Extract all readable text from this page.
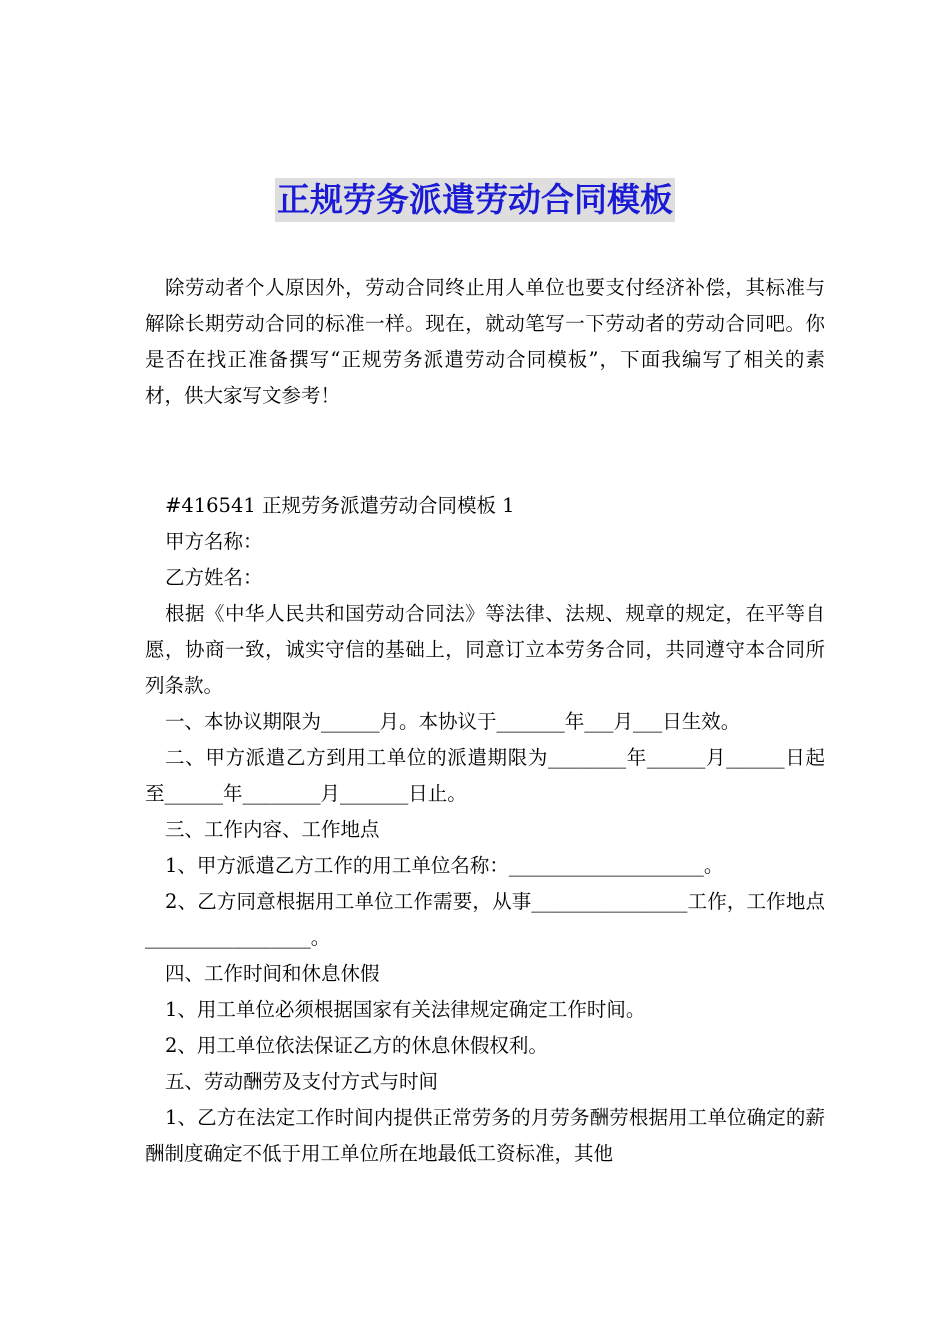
正规劳务派遣劳动合同模板

除劳动者个人原因外，劳动合同终止用人单位也要支付经济补偿，其标准与解除长期劳动合同的标准一样。现在，就动笔写一下劳动者的劳动合同吧。你是否在找正准备撰写“正规劳务派遣劳动合同模板”，下面我编写了相关的素材，供大家写文参考！

#416541 正规劳务派遣劳动合同模板 1

甲方名称：

乙方姓名：

根据《中华人民共和国劳动合同法》等法律、法规、规章的规定，在平等自愿，协商一致，诚实守信的基础上，同意订立本劳务合同，共同遵守本合同所列条款。

一、本协议期限为______月。本协议于_______年___月___日生效。

二、甲方派遣乙方到用工单位的派遣期限为________年______月______日起至______年________月_______日止。

三、工作内容、工作地点

1、甲方派遣乙方工作的用工单位名称：____________________。

2、乙方同意根据用工单位工作需要，从事________________工作，工作地点_________________。

四、工作时间和休息休假

1、用工单位必须根据国家有关法律规定确定工作时间。

2、用工单位依法保证乙方的休息休假权利。

五、劳动酬劳及支付方式与时间

1、乙方在法定工作时间内提供正常劳务的月劳务酬劳根据用工单位确定的薪酬制度确定不低于用工单位所在地最低工资标准，其他
